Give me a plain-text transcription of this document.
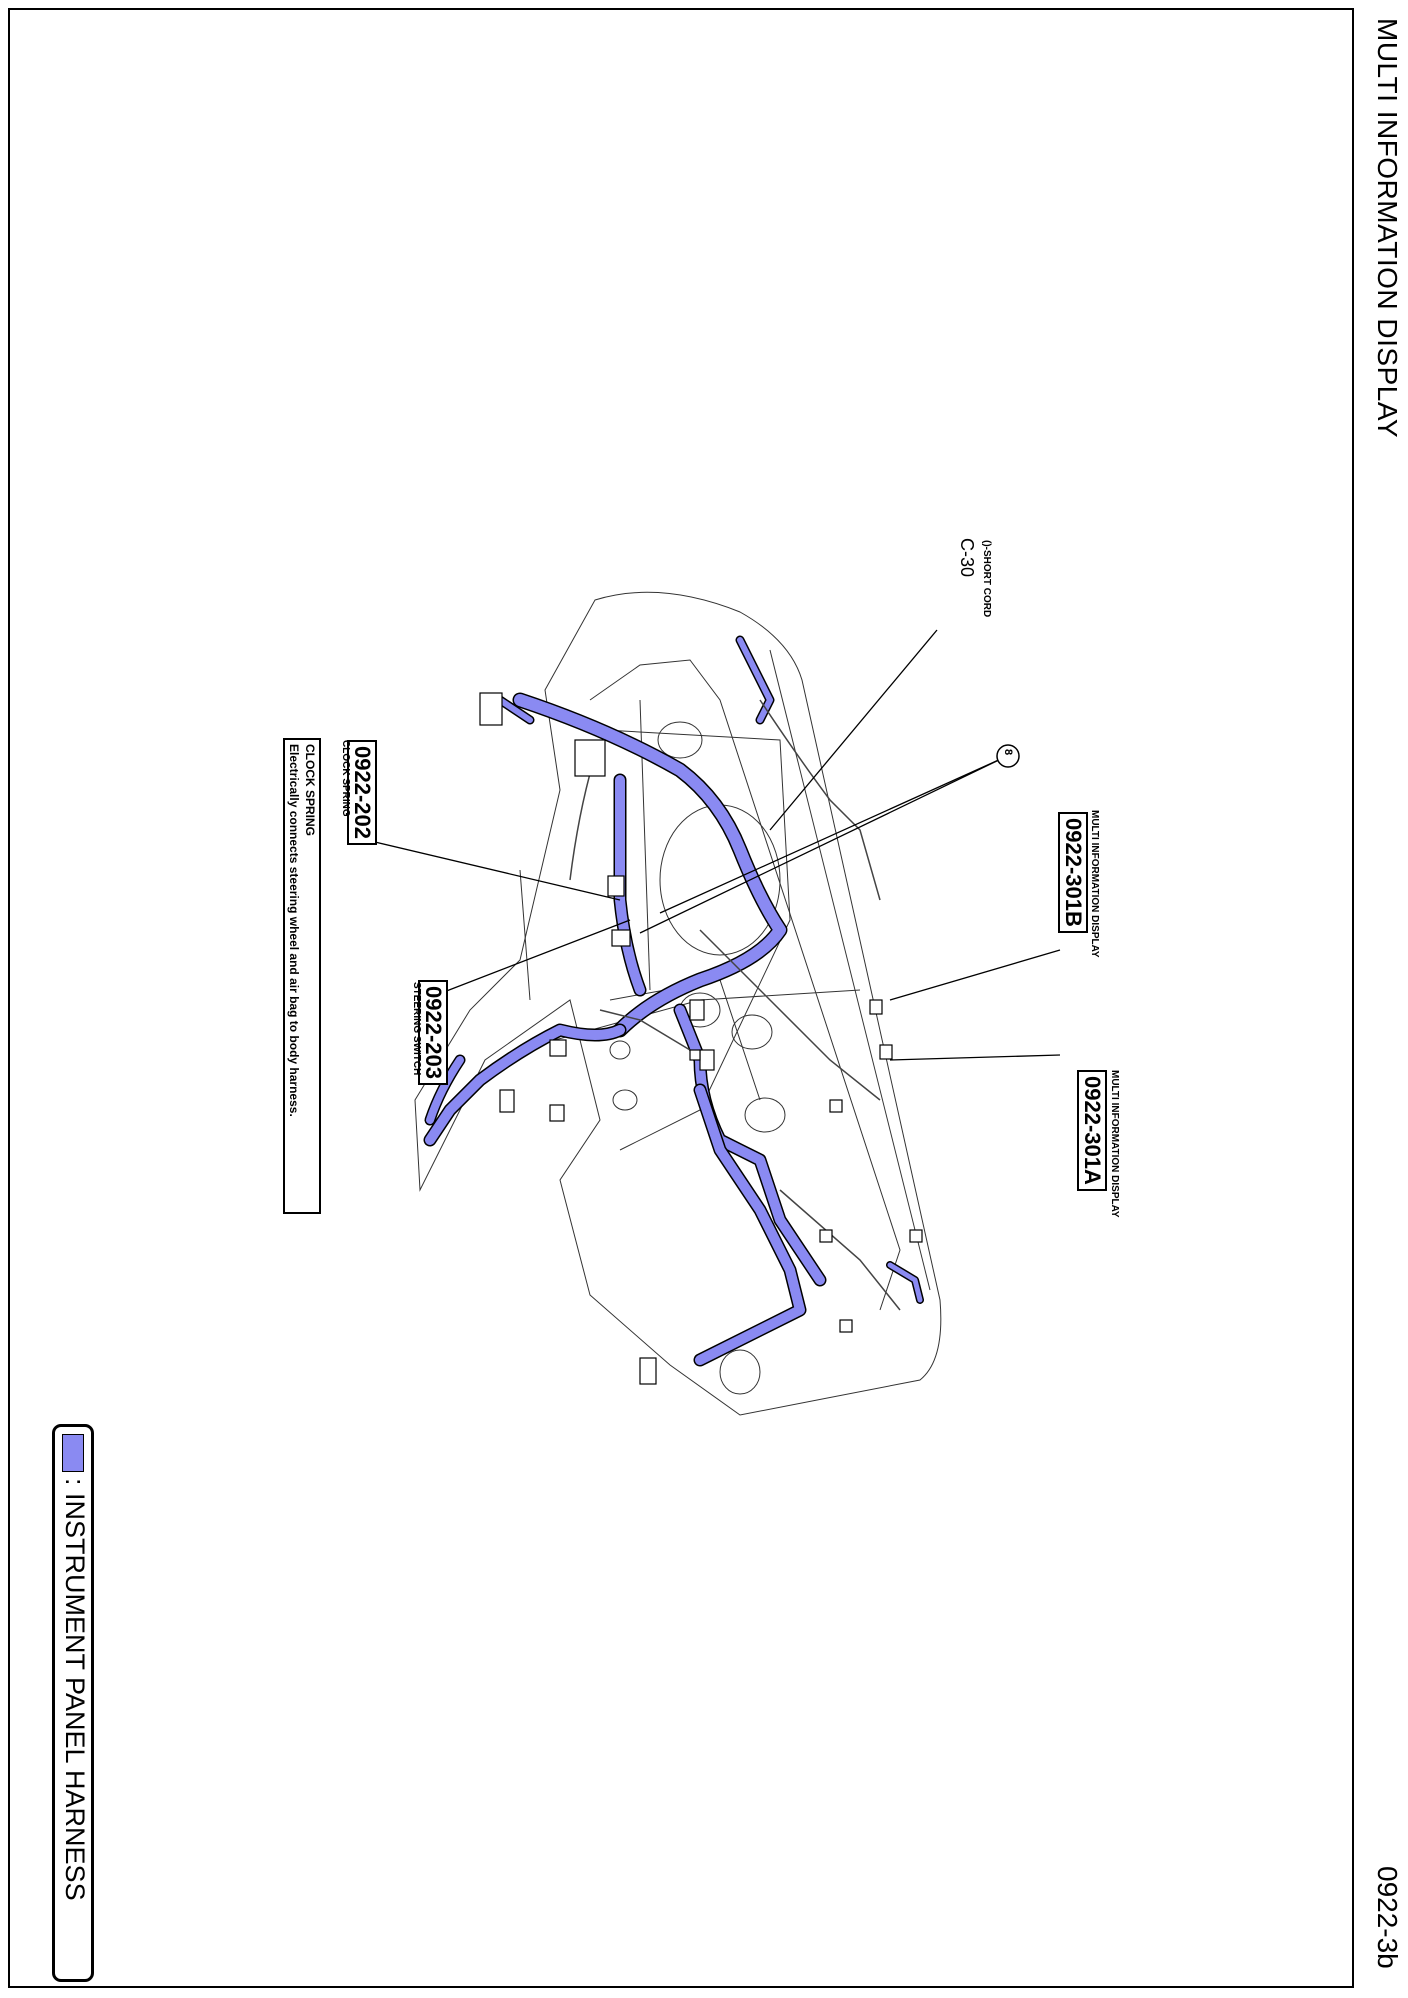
MULTI INFORMATION DISPLAY
0922-3b
: INSTRUMENT PANEL HARNESS
8
()-SHORT CORD
C-30
MULTI INFORMATION DISPLAY
0922-301B
MULTI INFORMATION DISPLAY
0922-301A
0922-202
CLOCK SPRING
0922-203
STEERING SWITCH
CLOCK SPRING
Electrically connects steering wheel and air bag to body harness.
